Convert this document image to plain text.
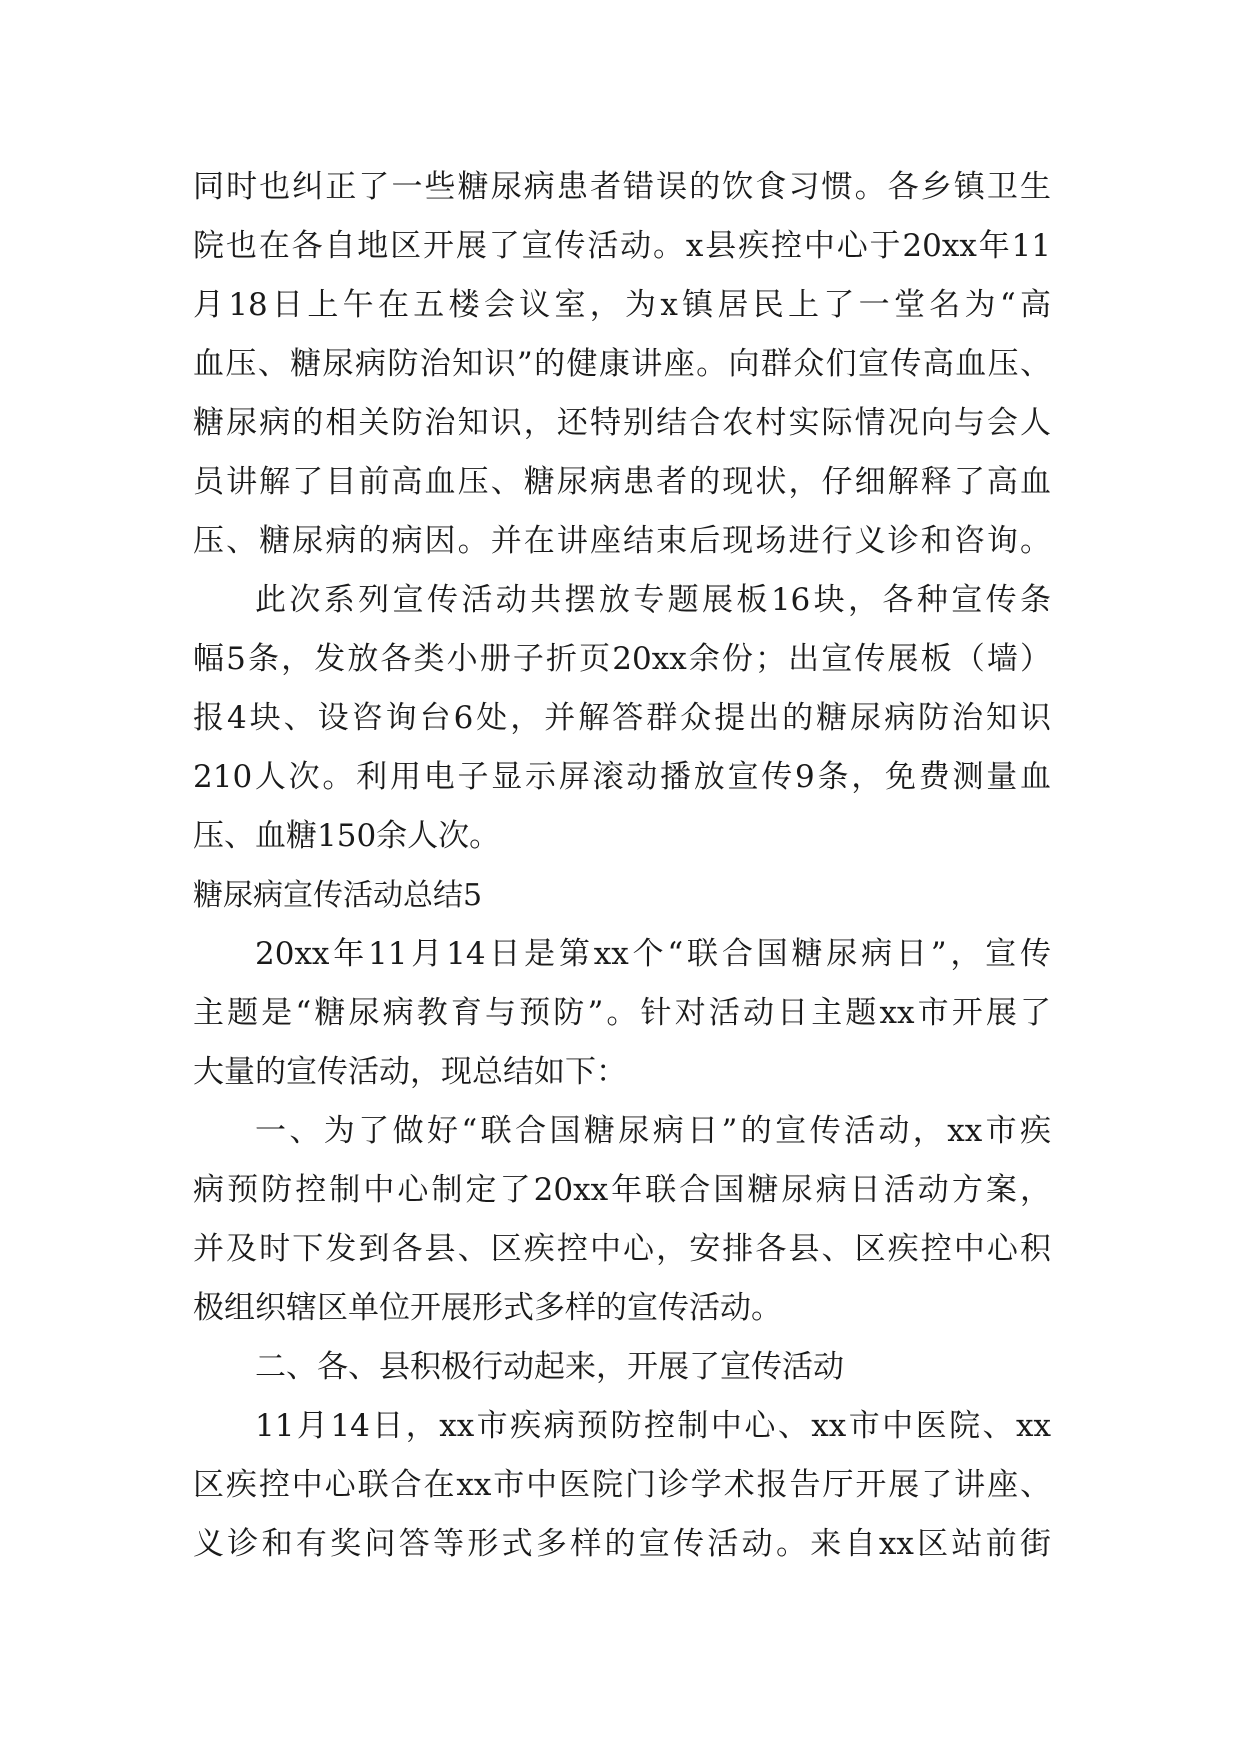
同时也纠正了一些糖尿病患者错误的饮食习惯。各乡镇卫生
院也在各自地区开展了宣传活动。x县疾控中心于20xx年11
月18日上午在五楼会议室，为x镇居民上了一堂名为“高
血压、糖尿病防治知识”的健康讲座。向群众们宣传高血压、
糖尿病的相关防治知识，还特别结合农村实际情况向与会人
员讲解了目前高血压、糖尿病患者的现状，仔细解释了高血
压、糖尿病的病因。并在讲座结束后现场进行义诊和咨询。
此次系列宣传活动共摆放专题展板16块，各种宣传条
幅5条，发放各类小册子折页20xx余份；出宣传展板（墙）
报4块、设咨询台6处，并解答群众提出的糖尿病防治知识
210人次。利用电子显示屏滚动播放宣传9条，免费测量血
压、血糖150余人次。
糖尿病宣传活动总结5
20xx年11月14日是第xx个“联合国糖尿病日”，宣传
主题是“糖尿病教育与预防”。针对活动日主题xx市开展了
大量的宣传活动，现总结如下：
一、为了做好“联合国糖尿病日”的宣传活动，xx市疾
病预防控制中心制定了20xx年联合国糖尿病日活动方案，
并及时下发到各县、区疾控中心，安排各县、区疾控中心积
极组织辖区单位开展形式多样的宣传活动。
二、各、县积极行动起来，开展了宣传活动
11月14日，xx市疾病预防控制中心、xx市中医院、xx
区疾控中心联合在xx市中医院门诊学术报告厅开展了讲座、
义诊和有奖问答等形式多样的宣传活动。来自xx区站前街
